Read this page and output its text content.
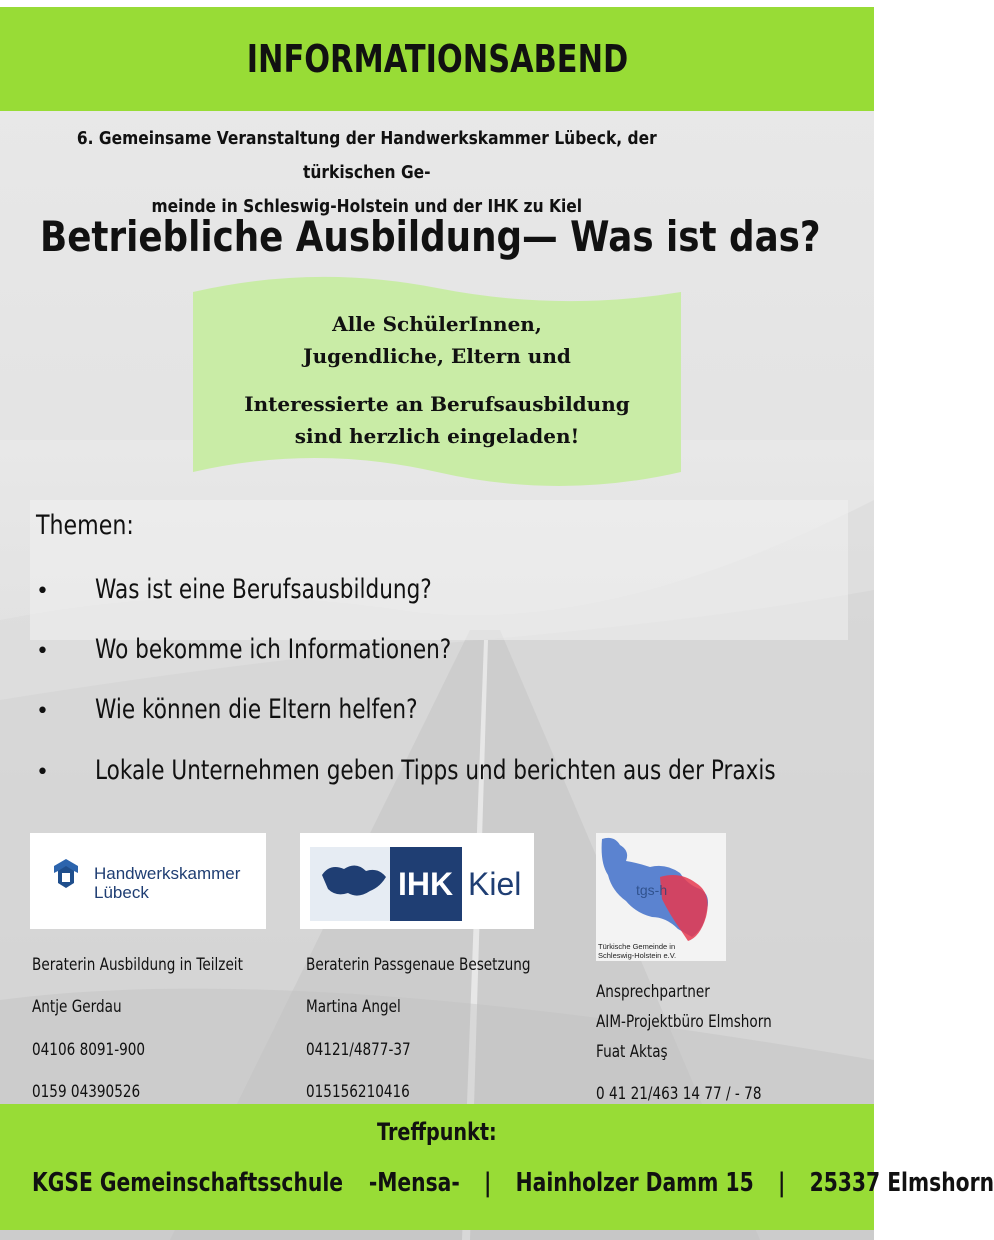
INFORMATIONSABEND
6. Gemeinsame Veranstaltung der Handwerkskammer Lübeck, der türkischen Ge-
meinde in Schleswig-Holstein und der IHK zu Kiel
Betriebliche Ausbildung— Was ist das?
Alle SchülerInnen,
Jugendliche, Eltern und
Interessierte an Berufsausbildung
sind herzlich eingeladen!
Themen:
• Was ist eine Berufsausbildung?
• Wo bekomme ich Informationen?
• Wie können die Eltern helfen?
• Lokale Unternehmen geben Tipps und berichten aus der Praxis
Handwerkskammer
Lübeck	IHK Kiel	tgs-h
Türkische Gemeinde in
Schleswig-Holstein e.V.
Beraterin Ausbildung in Teilzeit
Antje Gerdau
04106 8091-900
0159 04390526
Beraterin Passgenaue Besetzung
Martina Angel
04121/4877-37
015156210416
Ansprechpartner
AIM-Projektbüro Elmshorn
Fuat Aktaş
0 41 21/463 14 77 / - 78
Treffpunkt:
KGSE Gemeinschaftsschule -Mensa- | Hainholzer Damm 15 | 25337 Elmshorn
